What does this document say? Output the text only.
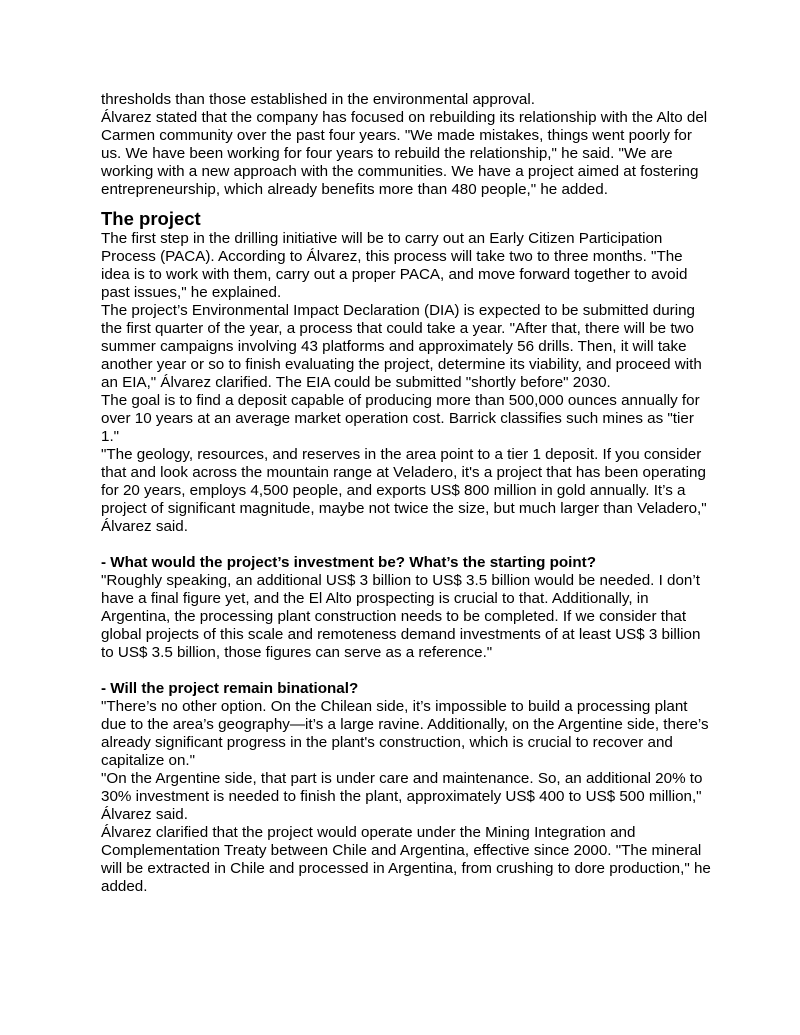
thresholds than those established in the environmental approval.

Álvarez stated that the company has focused on rebuilding its relationship with the Alto del Carmen community over the past four years. "We made mistakes, things went poorly for us. We have been working for four years to rebuild the relationship," he said. "We are working with a new approach with the communities. We have a project aimed at fostering entrepreneurship, which already benefits more than 480 people," he added.

The project

The first step in the drilling initiative will be to carry out an Early Citizen Participation Process (PACA). According to Álvarez, this process will take two to three months. "The idea is to work with them, carry out a proper PACA, and move forward together to avoid past issues," he explained.

The project’s Environmental Impact Declaration (DIA) is expected to be submitted during the first quarter of the year, a process that could take a year. "After that, there will be two summer campaigns involving 43 platforms and approximately 56 drills. Then, it will take another year or so to finish evaluating the project, determine its viability, and proceed with an EIA," Álvarez clarified. The EIA could be submitted "shortly before" 2030.

The goal is to find a deposit capable of producing more than 500,000 ounces annually for over 10 years at an average market operation cost. Barrick classifies such mines as "tier 1."

"The geology, resources, and reserves in the area point to a tier 1 deposit. If you consider that and look across the mountain range at Veladero, it's a project that has been operating for 20 years, employs 4,500 people, and exports US$ 800 million in gold annually. It’s a project of significant magnitude, maybe not twice the size, but much larger than Veladero," Álvarez said.

- What would the project’s investment be? What’s the starting point?

"Roughly speaking, an additional US$ 3 billion to US$ 3.5 billion would be needed. I don’t have a final figure yet, and the El Alto prospecting is crucial to that. Additionally, in Argentina, the processing plant construction needs to be completed. If we consider that global projects of this scale and remoteness demand investments of at least US$ 3 billion to US$ 3.5 billion, those figures can serve as a reference."

- Will the project remain binational?

"There’s no other option. On the Chilean side, it’s impossible to build a processing plant due to the area’s geography—it’s a large ravine. Additionally, on the Argentine side, there’s already significant progress in the plant's construction, which is crucial to recover and capitalize on."

"On the Argentine side, that part is under care and maintenance. So, an additional 20% to 30% investment is needed to finish the plant, approximately US$ 400 to US$ 500 million," Álvarez said.

Álvarez clarified that the project would operate under the Mining Integration and Complementation Treaty between Chile and Argentina, effective since 2000. "The mineral will be extracted in Chile and processed in Argentina, from crushing to dore production," he added.
